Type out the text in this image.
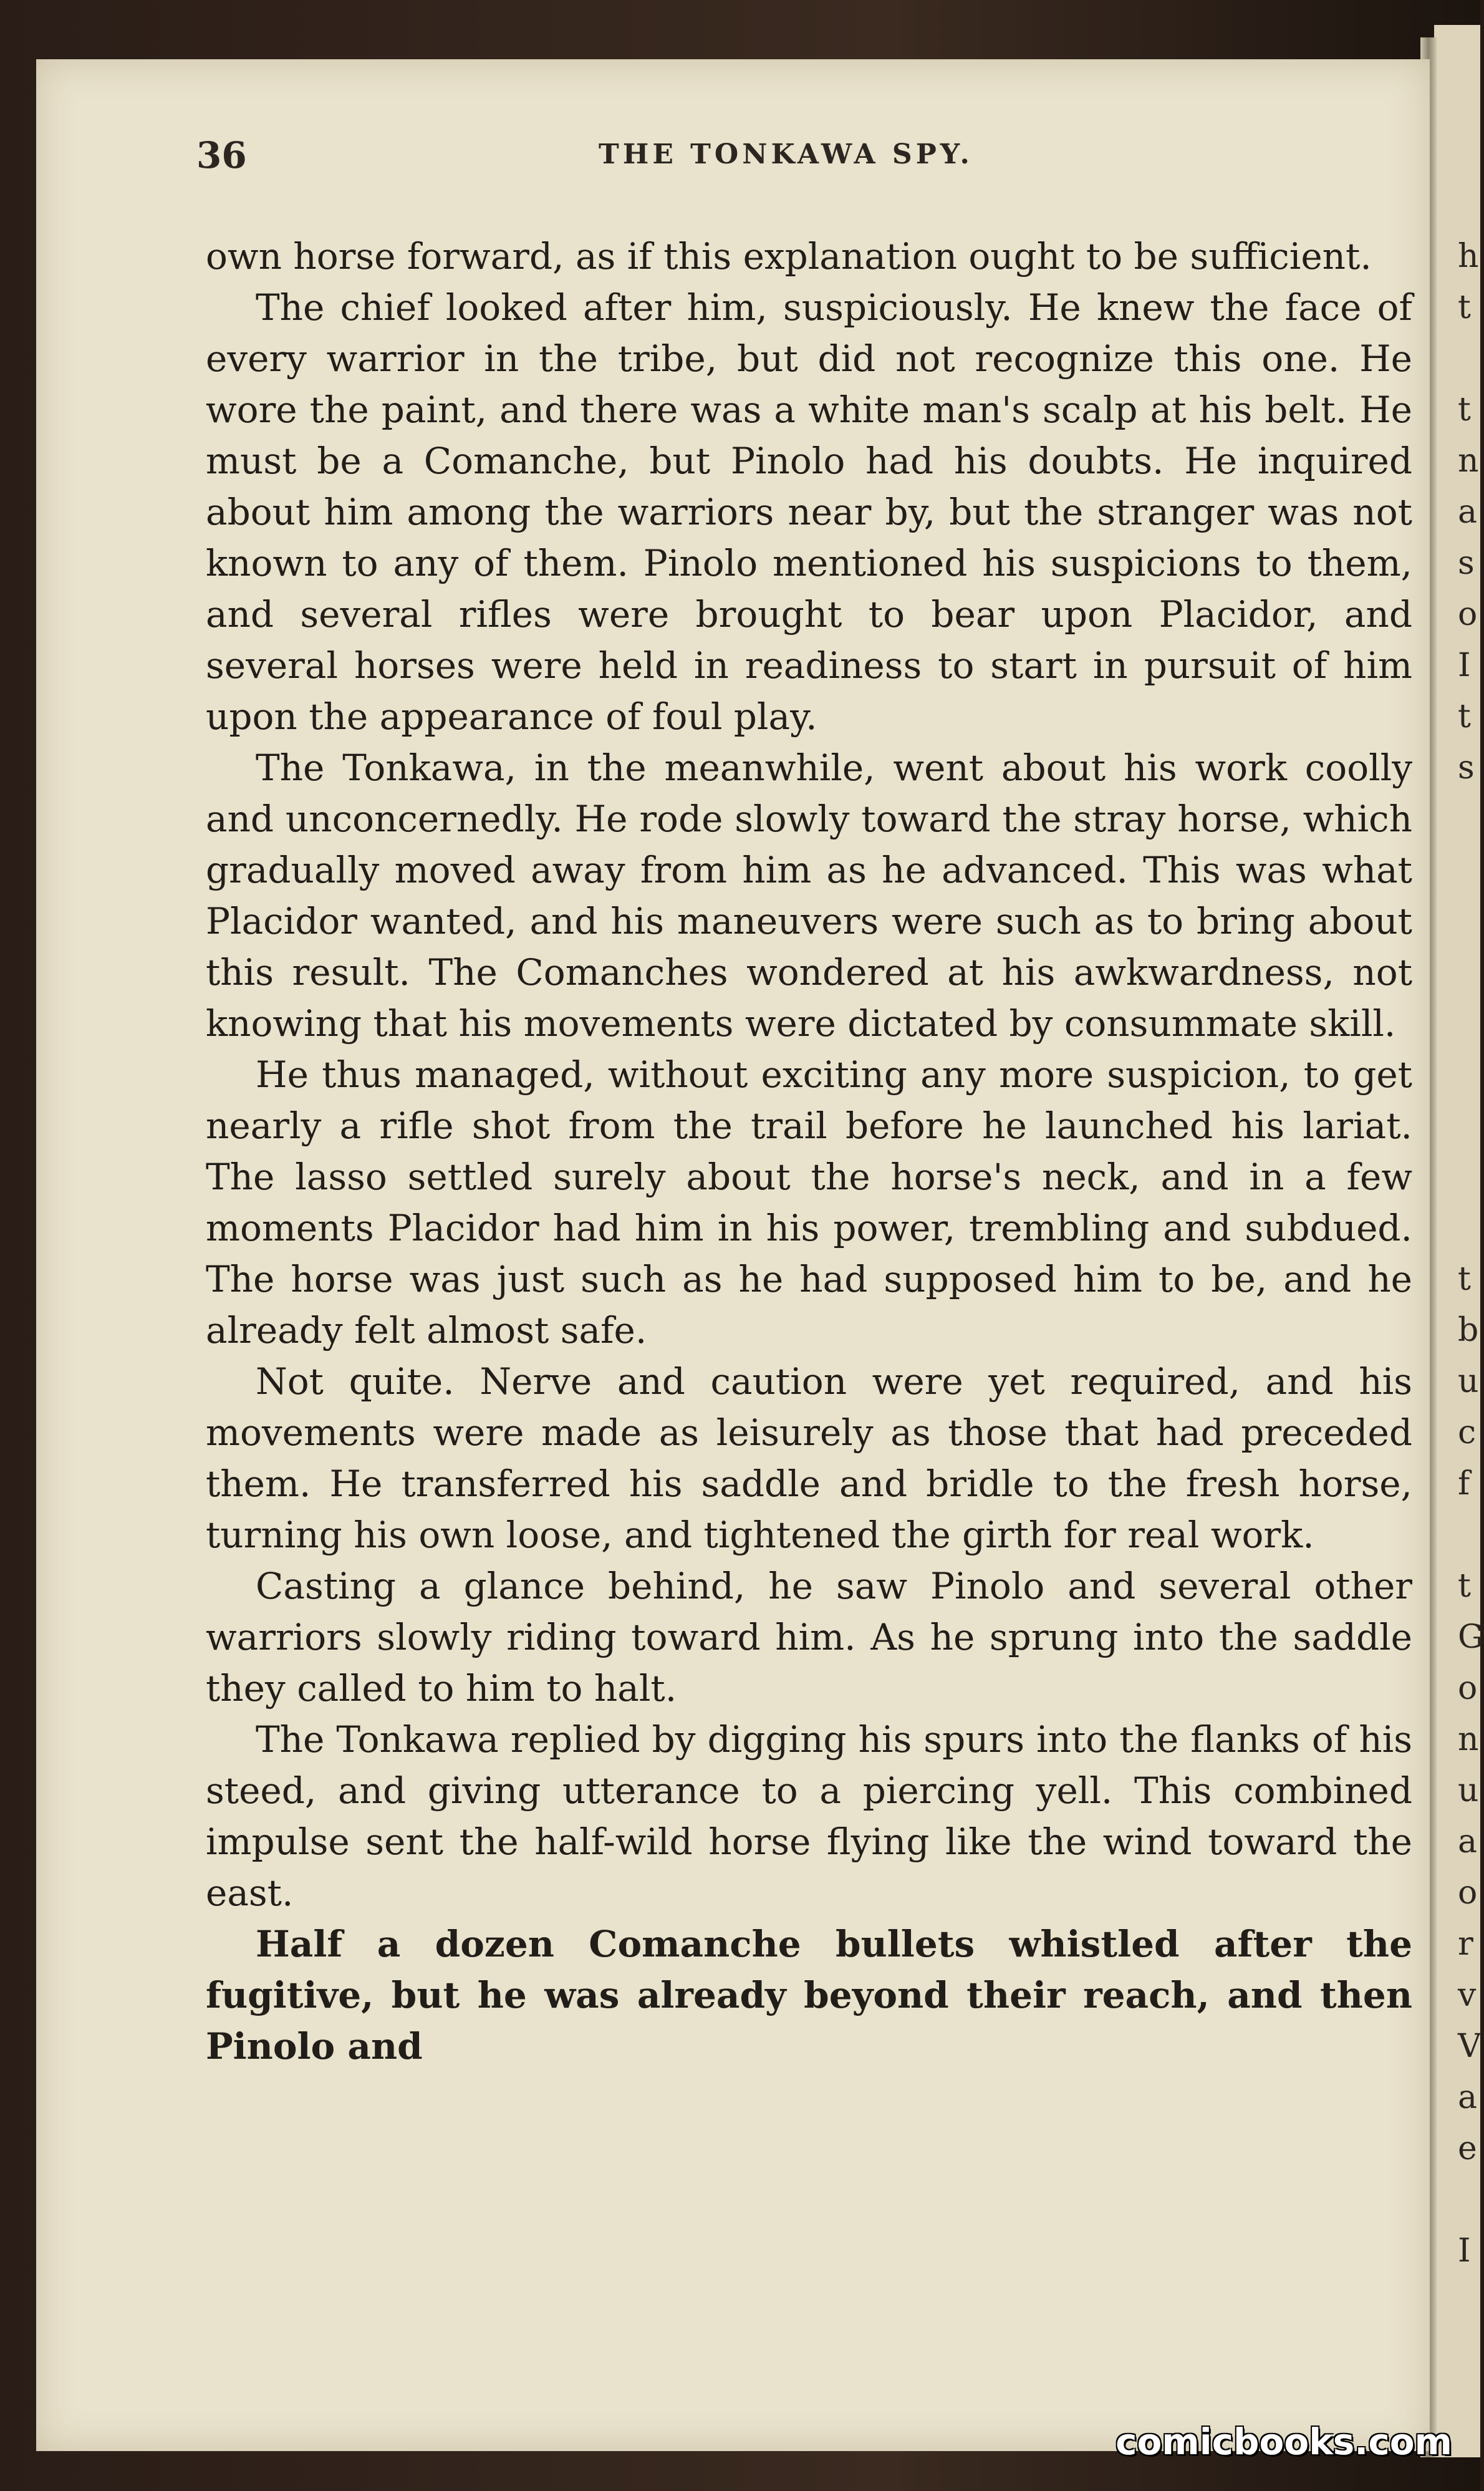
36	THE TONKAWA SPY.

own horse forward, as if this explanation ought to be sufficient.

The chief looked after him, suspiciously. He knew the face of every warrior in the tribe, but did not recognize this one. He wore the paint, and there was a white man's scalp at his belt. He must be a Comanche, but Pinolo had his doubts. He inquired about him among the warriors near by, but the stranger was not known to any of them. Pinolo mentioned his suspicions to them, and several rifles were brought to bear upon Placidor, and several horses were held in readiness to start in pursuit of him upon the appearance of foul play.

The Tonkawa, in the meanwhile, went about his work coolly and unconcernedly. He rode slowly toward the stray horse, which gradually moved away from him as he advanced. This was what Placidor wanted, and his maneuvers were such as to bring about this result. The Comanches wondered at his awkwardness, not knowing that his movements were dictated by consummate skill.

He thus managed, without exciting any more suspicion, to get nearly a rifle shot from the trail before he launched his lariat. The lasso settled surely about the horse's neck, and in a few moments Placidor had him in his power, trembling and subdued. The horse was just such as he had supposed him to be, and he already felt almost safe.

Not quite. Nerve and caution were yet required, and his movements were made as leisurely as those that had preceded them. He transferred his saddle and bridle to the fresh horse, turning his own loose, and tightened the girth for real work.

Casting a glance behind, he saw Pinolo and several other warriors slowly riding toward him. As he sprung into the saddle they called to him to halt.

The Tonkawa replied by digging his spurs into the flanks of his steed, and giving utterance to a piercing yell. This combined impulse sent the half-wild horse flying like the wind toward the east.

Half a dozen Comanche bullets whistled after the fugitive, but he was already beyond their reach, and then Pinolo and

h
t
t
n
a
s
o
I
t
s
t
b
u
c
f
t
G
o
n
u
a
o
r
v
V
a
e
I
comicbooks.com
